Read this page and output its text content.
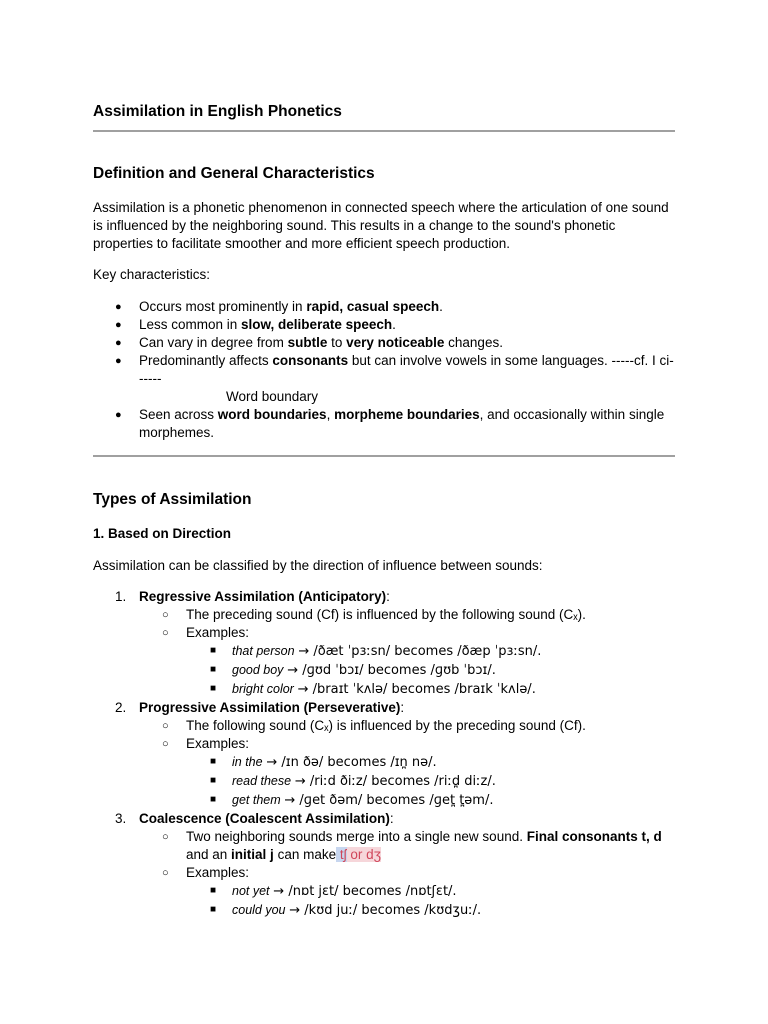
Assimilation in English Phonetics
Definition and General Characteristics

Assimilation is a phonetic phenomenon in connected speech where the articulation of one sound is influenced by the neighboring sound. This results in a change to the sound's phonetic properties to facilitate smoother and more efficient speech production.

Key characteristics:

● Occurs most prominently in rapid, casual speech.
● Less common in slow, deliberate speech.
● Can vary in degree from subtle to very noticeable changes.
● Predominantly affects consonants but can involve vowels in some languages. -----cf. I ci------
Word boundary
● Seen across word boundaries, morpheme boundaries, and occasionally within single morphemes.
Types of Assimilation
1. Based on Direction

Assimilation can be classified by the direction of influence between sounds:

1. Regressive Assimilation (Anticipatory):
○ The preceding sound (Cf) is influenced by the following sound (Cₓ).
○ Examples:
■ that person → /ðæt ˈpɜːsn/ becomes /ðæp ˈpɜːsn/.
■ good boy → /ɡʊd ˈbɔɪ/ becomes /ɡʊb ˈbɔɪ/.
■ bright color → /braɪt ˈkʌlə/ becomes /braɪk ˈkʌlə/.
2. Progressive Assimilation (Perseverative):
○ The following sound (Cₓ) is influenced by the preceding sound (Cf).
○ Examples:
■ in the → /ɪn ðə/ becomes /ɪn̪ nə/.
■ read these → /riːd ðiːz/ becomes /riːd̪ diːz/.
■ get them → /ɡet ðəm/ becomes /ɡet̪ t̪əm/.
3. Coalescence (Coalescent Assimilation):
○ Two neighboring sounds merge into a single new sound. Final consonants t, d and an initial j can make tʃ or dʒ
○ Examples:
■ not yet → /nɒt jɛt/ becomes /nɒtʃɛt/.
■ could you → /kʊd juː/ becomes /kʊdʒuː/.
